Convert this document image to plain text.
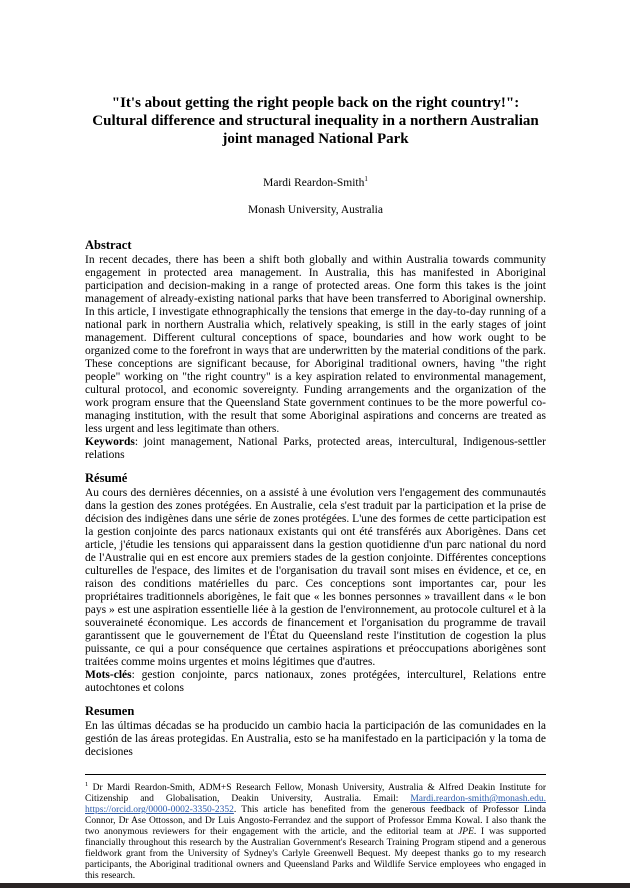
"It's about getting the right people back on the right country!": Cultural difference and structural inequality in a northern Australian joint managed National Park
Mardi Reardon-Smith$^1$
Monash University, Australia
Abstract

In recent decades, there has been a shift both globally and within Australia towards community engagement in protected area management. In Australia, this has manifested in Aboriginal participation and decision-making in a range of protected areas. One form this takes is the joint management of already-existing national parks that have been transferred to Aboriginal ownership. In this article, I investigate ethnographically the tensions that emerge in the day-to-day running of a national park in northern Australia which, relatively speaking, is still in the early stages of joint management. Different cultural conceptions of space, boundaries and how work ought to be organized come to the forefront in ways that are underwritten by the material conditions of the park. These conceptions are significant because, for Aboriginal traditional owners, having "the right people" working on "the right country" is a key aspiration related to environmental management, cultural protocol, and economic sovereignty. Funding arrangements and the organization of the work program ensure that the Queensland State government continues to be the more powerful co-managing institution, with the result that some Aboriginal aspirations and concerns are treated as less urgent and less legitimate than others.

Keywords: joint management, National Parks, protected areas, intercultural, Indigenous-settler relations

Résumé

Au cours des dernières décennies, on a assisté à une évolution vers l'engagement des communautés dans la gestion des zones protégées. En Australie, cela s'est traduit par la participation et la prise de décision des indigènes dans une série de zones protégées. L'une des formes de cette participation est la gestion conjointe des parcs nationaux existants qui ont été transférés aux Aborigènes. Dans cet article, j'étudie les tensions qui apparaissent dans la gestion quotidienne d'un parc national du nord de l'Australie qui en est encore aux premiers stades de la gestion conjointe. Différentes conceptions culturelles de l'espace, des limites et de l'organisation du travail sont mises en évidence, et ce, en raison des conditions matérielles du parc. Ces conceptions sont importantes car, pour les propriétaires traditionnels aborigènes, le fait que « les bonnes personnes » travaillent dans « le bon pays » est une aspiration essentielle liée à la gestion de l'environnement, au protocole culturel et à la souveraineté économique. Les accords de financement et l'organisation du programme de travail garantissent que le gouvernement de l'État du Queensland reste l'institution de cogestion la plus puissante, ce qui a pour conséquence que certaines aspirations et préoccupations aborigènes sont traitées comme moins urgentes et moins légitimes que d'autres.

Mots-clés: gestion conjointe, parcs nationaux, zones protégées, interculturel, Relations entre autochtones et colons

Resumen

En las últimas décadas se ha producido un cambio hacia la participación de las comunidades en la gestión de las áreas protegidas. En Australia, esto se ha manifestado en la participación y la toma de decisiones

$^1$ Dr Mardi Reardon-Smith, ADM+S Research Fellow, Monash University, Australia & Alfred Deakin Institute for Citizenship and Globalisation, Deakin University, Australia. Email: Mardi.reardon-smith@monash.edu. https://orcid.org/0000-0002-3350-2352. This article has benefited from the generous feedback of Professor Linda Connor, Dr Ase Ottosson, and Dr Luis Angosto-Ferrandez and the support of Professor Emma Kowal. I also thank the two anonymous reviewers for their engagement with the article, and the editorial team at JPE. I was supported financially throughout this research by the Australian Government's Research Training Program stipend and a generous fieldwork grant from the University of Sydney's Carlyle Greenwell Bequest. My deepest thanks go to my research participants, the Aboriginal traditional owners and Queensland Parks and Wildlife Service employees who engaged in this research.
